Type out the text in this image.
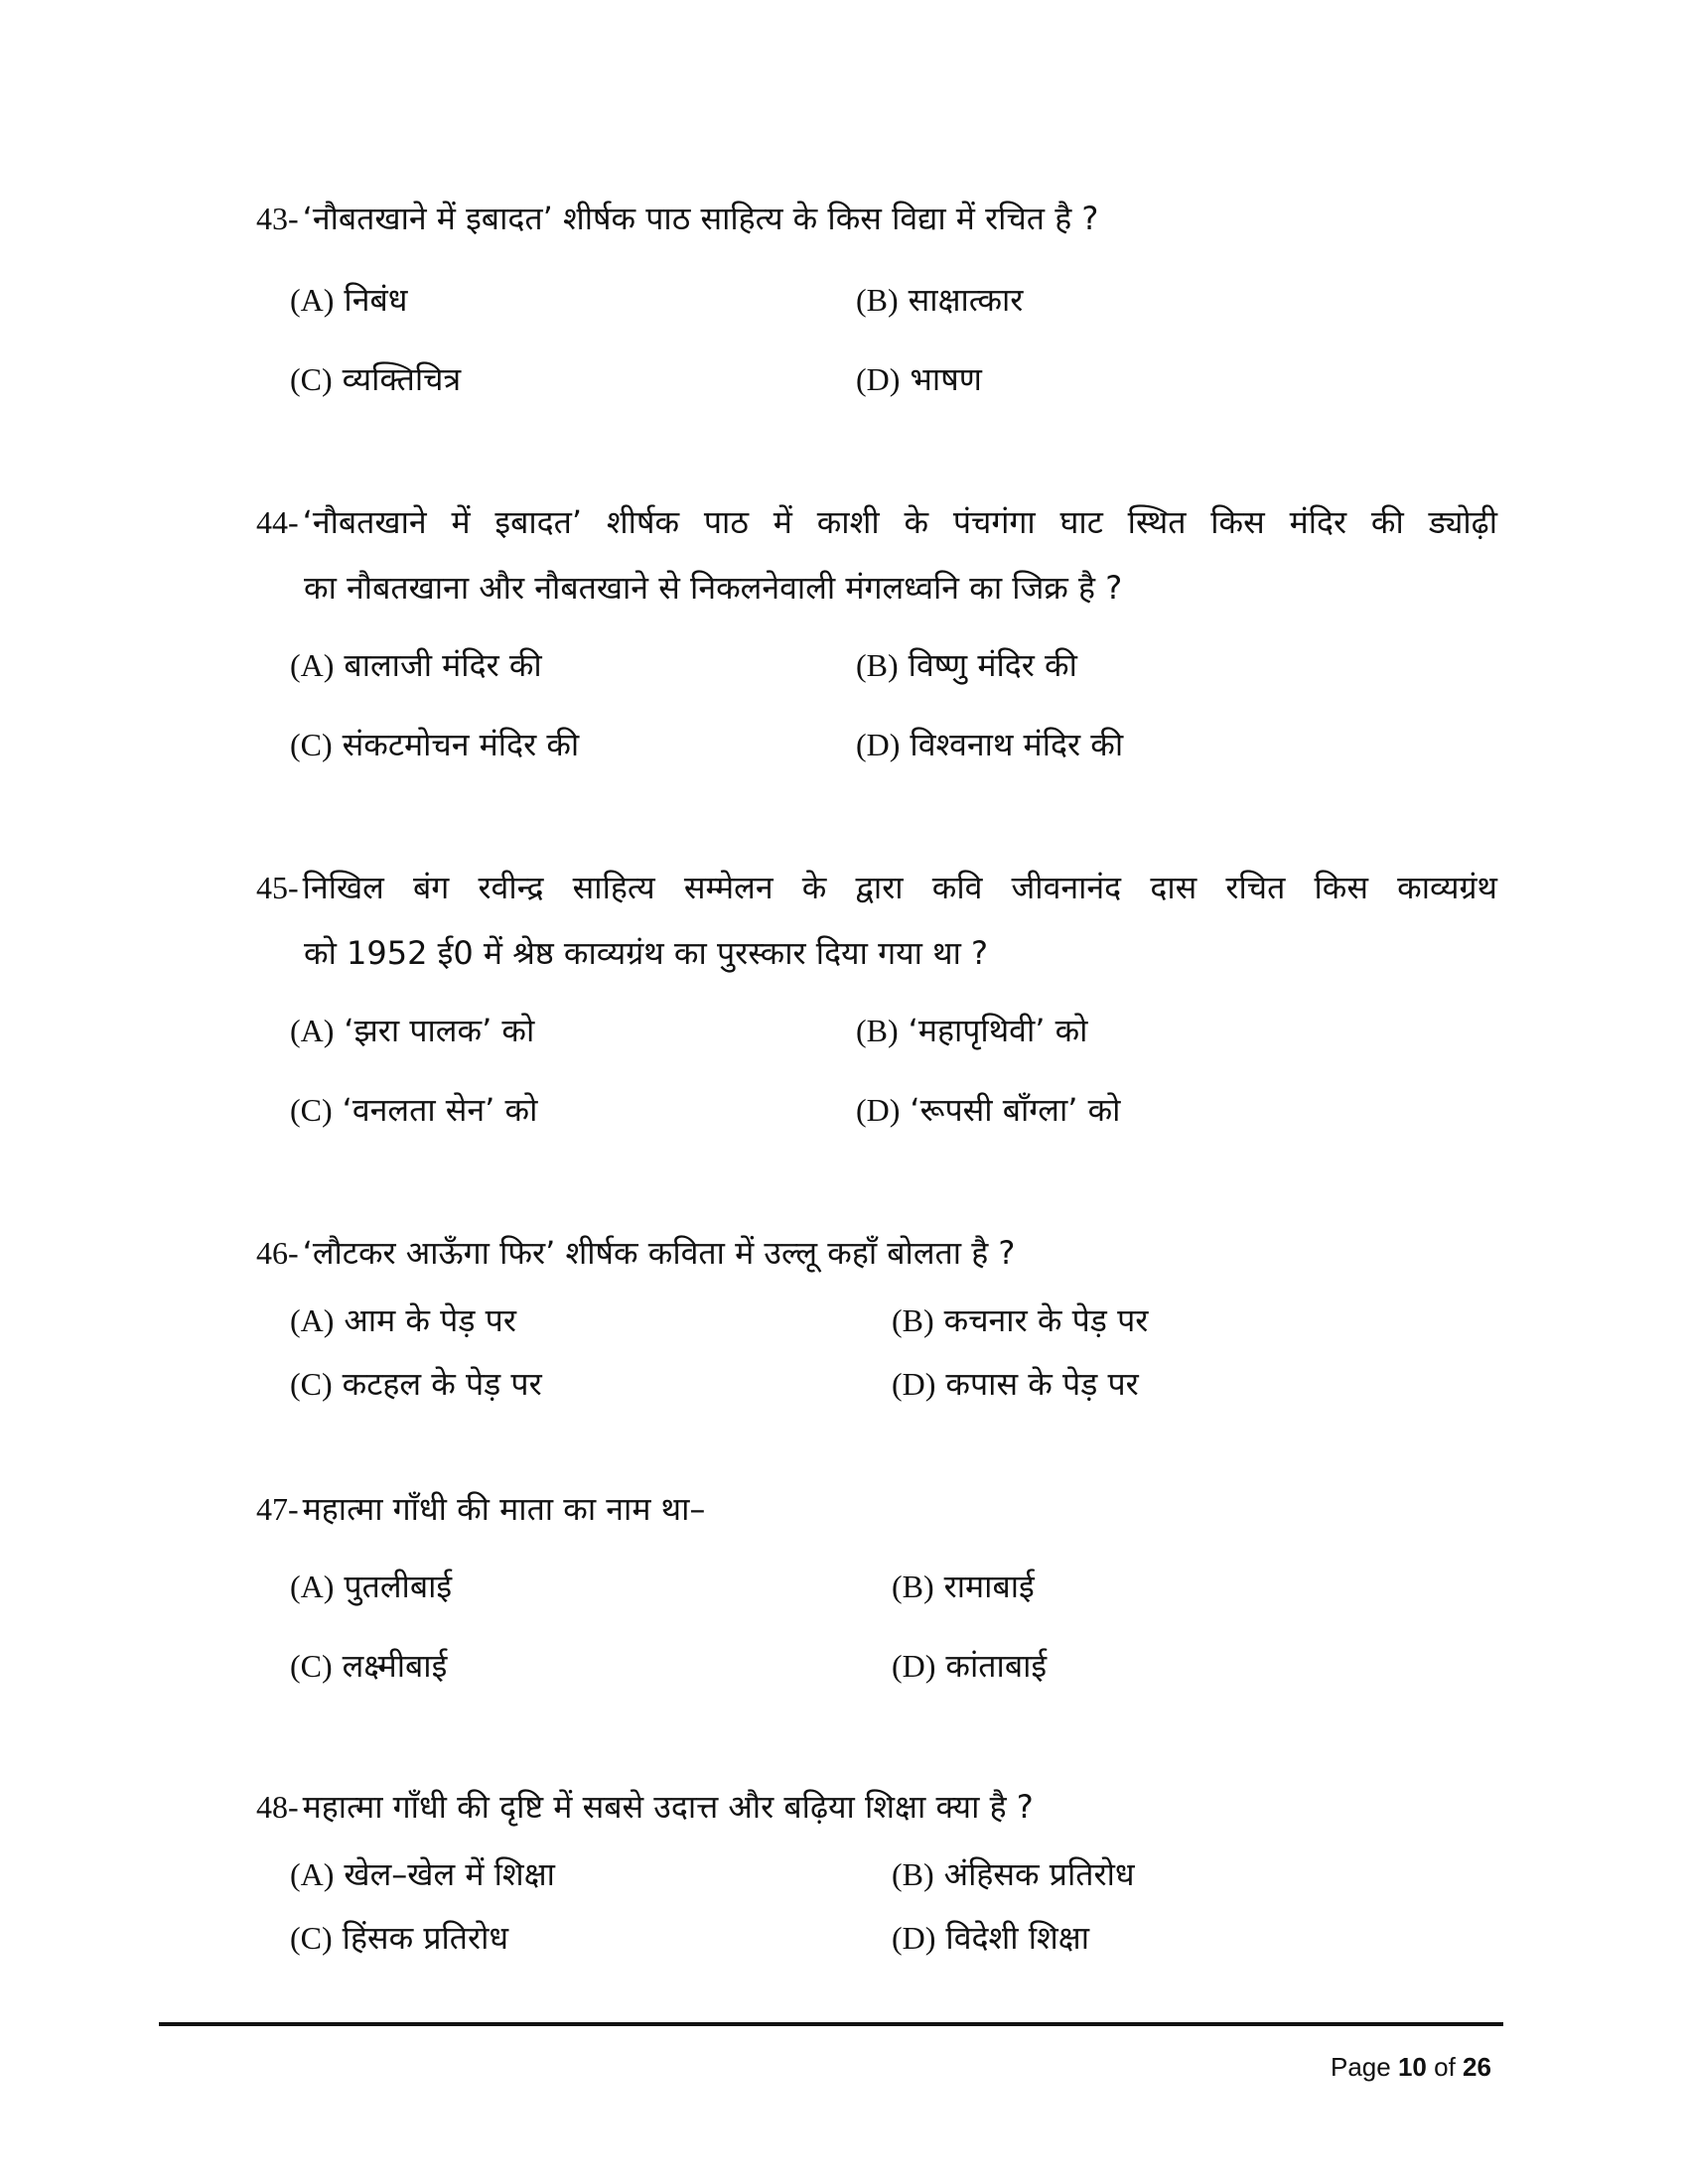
43- ‘नौबतखाने में इबादत’ शीर्षक पाठ साहित्य के किस विद्या में रचित है ?
(A) निबंध	(B) साक्षात्कार
(C) व्यक्तिचित्र	(D) भाषण
44- ‘नौबतखाने में इबादत’ शीर्षक पाठ में काशी के पंचगंगा घाट स्थित किस मंदिर की ड्योढ़ी
का नौबतखाना और नौबतखाने से निकलनेवाली मंगलध्वनि का जिक्र है ?
(A) बालाजी मंदिर की	(B) विष्णु मंदिर की
(C) संकटमोचन मंदिर की	(D) विश्वनाथ मंदिर की
45- निखिल बंग रवीन्द्र साहित्य सम्मेलन के द्वारा कवि जीवनानंद दास रचित किस काव्यग्रंथ
को 1952 ई0 में श्रेष्ठ काव्यग्रंथ का पुरस्कार दिया गया था ?
(A) ‘झरा पालक’ को	(B) ‘महापृथिवी’ को
(C) ‘वनलता सेन’ को	(D) ‘रूपसी बाँग्ला’ को
46- ‘लौटकर आऊँगा फिर’ शीर्षक कविता में उल्लू कहाँ बोलता है ?
(A) आम के पेड़ पर	(B) कचनार के पेड़ पर
(C) कटहल के पेड़ पर	(D) कपास के पेड़ पर
47- महात्मा गाँधी की माता का नाम था–
(A) पुतलीबाई	(B) रामाबाई
(C) लक्ष्मीबाई	(D) कांताबाई
48- महात्मा गाँधी की दृष्टि में सबसे उदात्त और बढ़िया शिक्षा क्या है ?
(A) खेल–खेल में शिक्षा	(B) अंहिसक प्रतिरोध
(C) हिंसक प्रतिरोध	(D) विदेशी शिक्षा
Page 10 of 26
